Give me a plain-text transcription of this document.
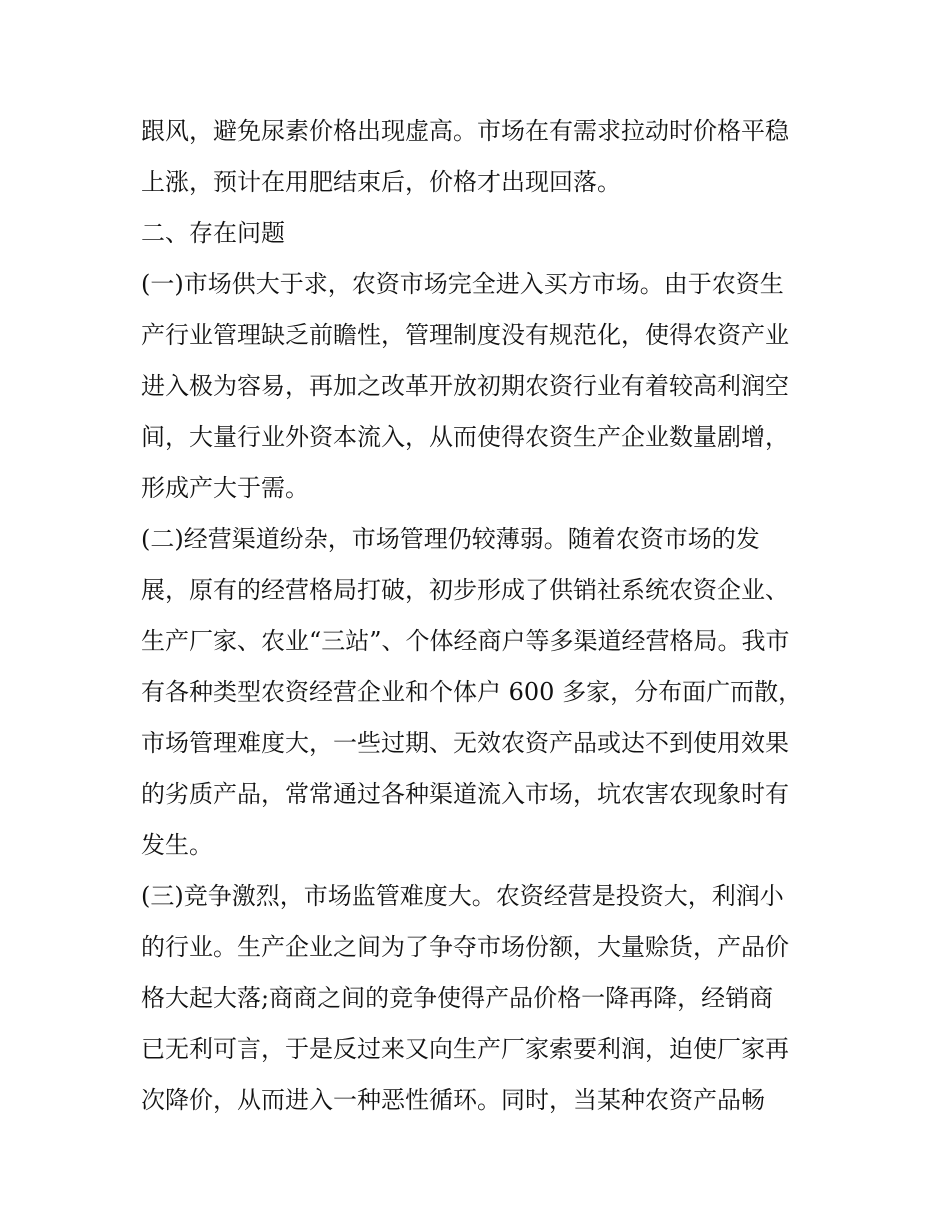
跟风，避免尿素价格出现虚高。市场在有需求拉动时价格平稳
上涨，预计在用肥结束后，价格才出现回落。
二、存在问题
(一)市场供大于求，农资市场完全进入买方市场。由于农资生
产行业管理缺乏前瞻性，管理制度没有规范化，使得农资产业
进入极为容易，再加之改革开放初期农资行业有着较高利润空
间，大量行业外资本流入，从而使得农资生产企业数量剧增，
形成产大于需。
(二)经营渠道纷杂，市场管理仍较薄弱。随着农资市场的发
展，原有的经营格局打破，初步形成了供销社系统农资企业、
生产厂家、农业“三站”、个体经商户等多渠道经营格局。我市
有各种类型农资经营企业和个体户 600 多家，分布面广而散，
市场管理难度大，一些过期、无效农资产品或达不到使用效果
的劣质产品，常常通过各种渠道流入市场，坑农害农现象时有
发生。
(三)竞争激烈，市场监管难度大。农资经营是投资大，利润小
的行业。生产企业之间为了争夺市场份额，大量赊货，产品价
格大起大落;商商之间的竞争使得产品价格一降再降，经销商
已无利可言，于是反过来又向生产厂家索要利润，迫使厂家再
次降价，从而进入一种恶性循环。同时，当某种农资产品畅
